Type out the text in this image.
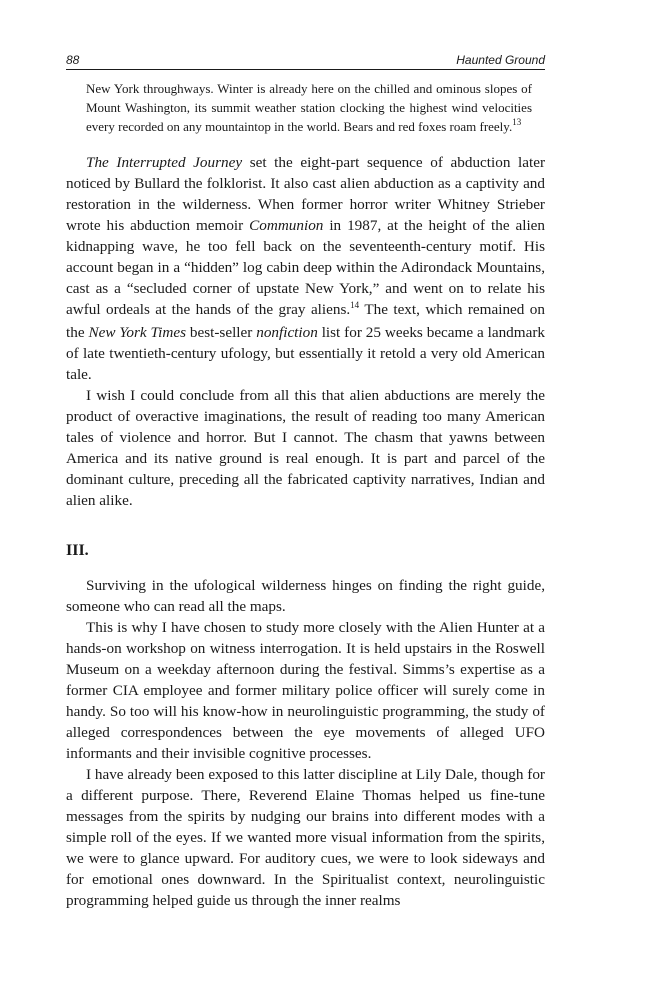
88	Haunted Ground

New York throughways. Winter is already here on the chilled and ominous slopes of Mount Washington, its summit weather station clocking the highest wind velocities every recorded on any mountaintop in the world. Bears and red foxes roam freely.$^{13}$

The Interrupted Journey set the eight-part sequence of abduction later noticed by Bullard the folklorist. It also cast alien abduction as a captivity and restoration in the wilderness. When former horror writer Whitney Strieber wrote his abduction memoir Communion in 1987, at the height of the alien kidnapping wave, he too fell back on the seventeenth-century motif. His account began in a “hidden” log cabin deep within the Adirondack Mountains, cast as a “secluded corner of upstate New York,” and went on to relate his awful ordeals at the hands of the gray aliens.$^{14}$ The text, which remained on the New York Times best-seller nonfiction list for 25 weeks became a landmark of late twentieth-century ufology, but essentially it retold a very old American tale.

I wish I could conclude from all this that alien abductions are merely the product of overactive imaginations, the result of reading too many American tales of violence and horror. But I cannot. The chasm that yawns between America and its native ground is real enough. It is part and parcel of the dominant culture, preceding all the fabricated captivity narratives, Indian and alien alike.

III.

Surviving in the ufological wilderness hinges on finding the right guide, someone who can read all the maps.

This is why I have chosen to study more closely with the Alien Hunter at a hands-on workshop on witness interrogation. It is held upstairs in the Roswell Museum on a weekday afternoon during the festival. Simms’s expertise as a former CIA employee and former military police officer will surely come in handy. So too will his know-how in neurolinguistic programming, the study of alleged correspondences between the eye movements of alleged UFO informants and their invisible cognitive processes.

I have already been exposed to this latter discipline at Lily Dale, though for a different purpose. There, Reverend Elaine Thomas helped us fine-tune messages from the spirits by nudging our brains into different modes with a simple roll of the eyes. If we wanted more visual information from the spirits, we were to glance upward. For auditory cues, we were to look sideways and for emotional ones downward. In the Spiritualist context, neurolinguistic programming helped guide us through the inner realms
